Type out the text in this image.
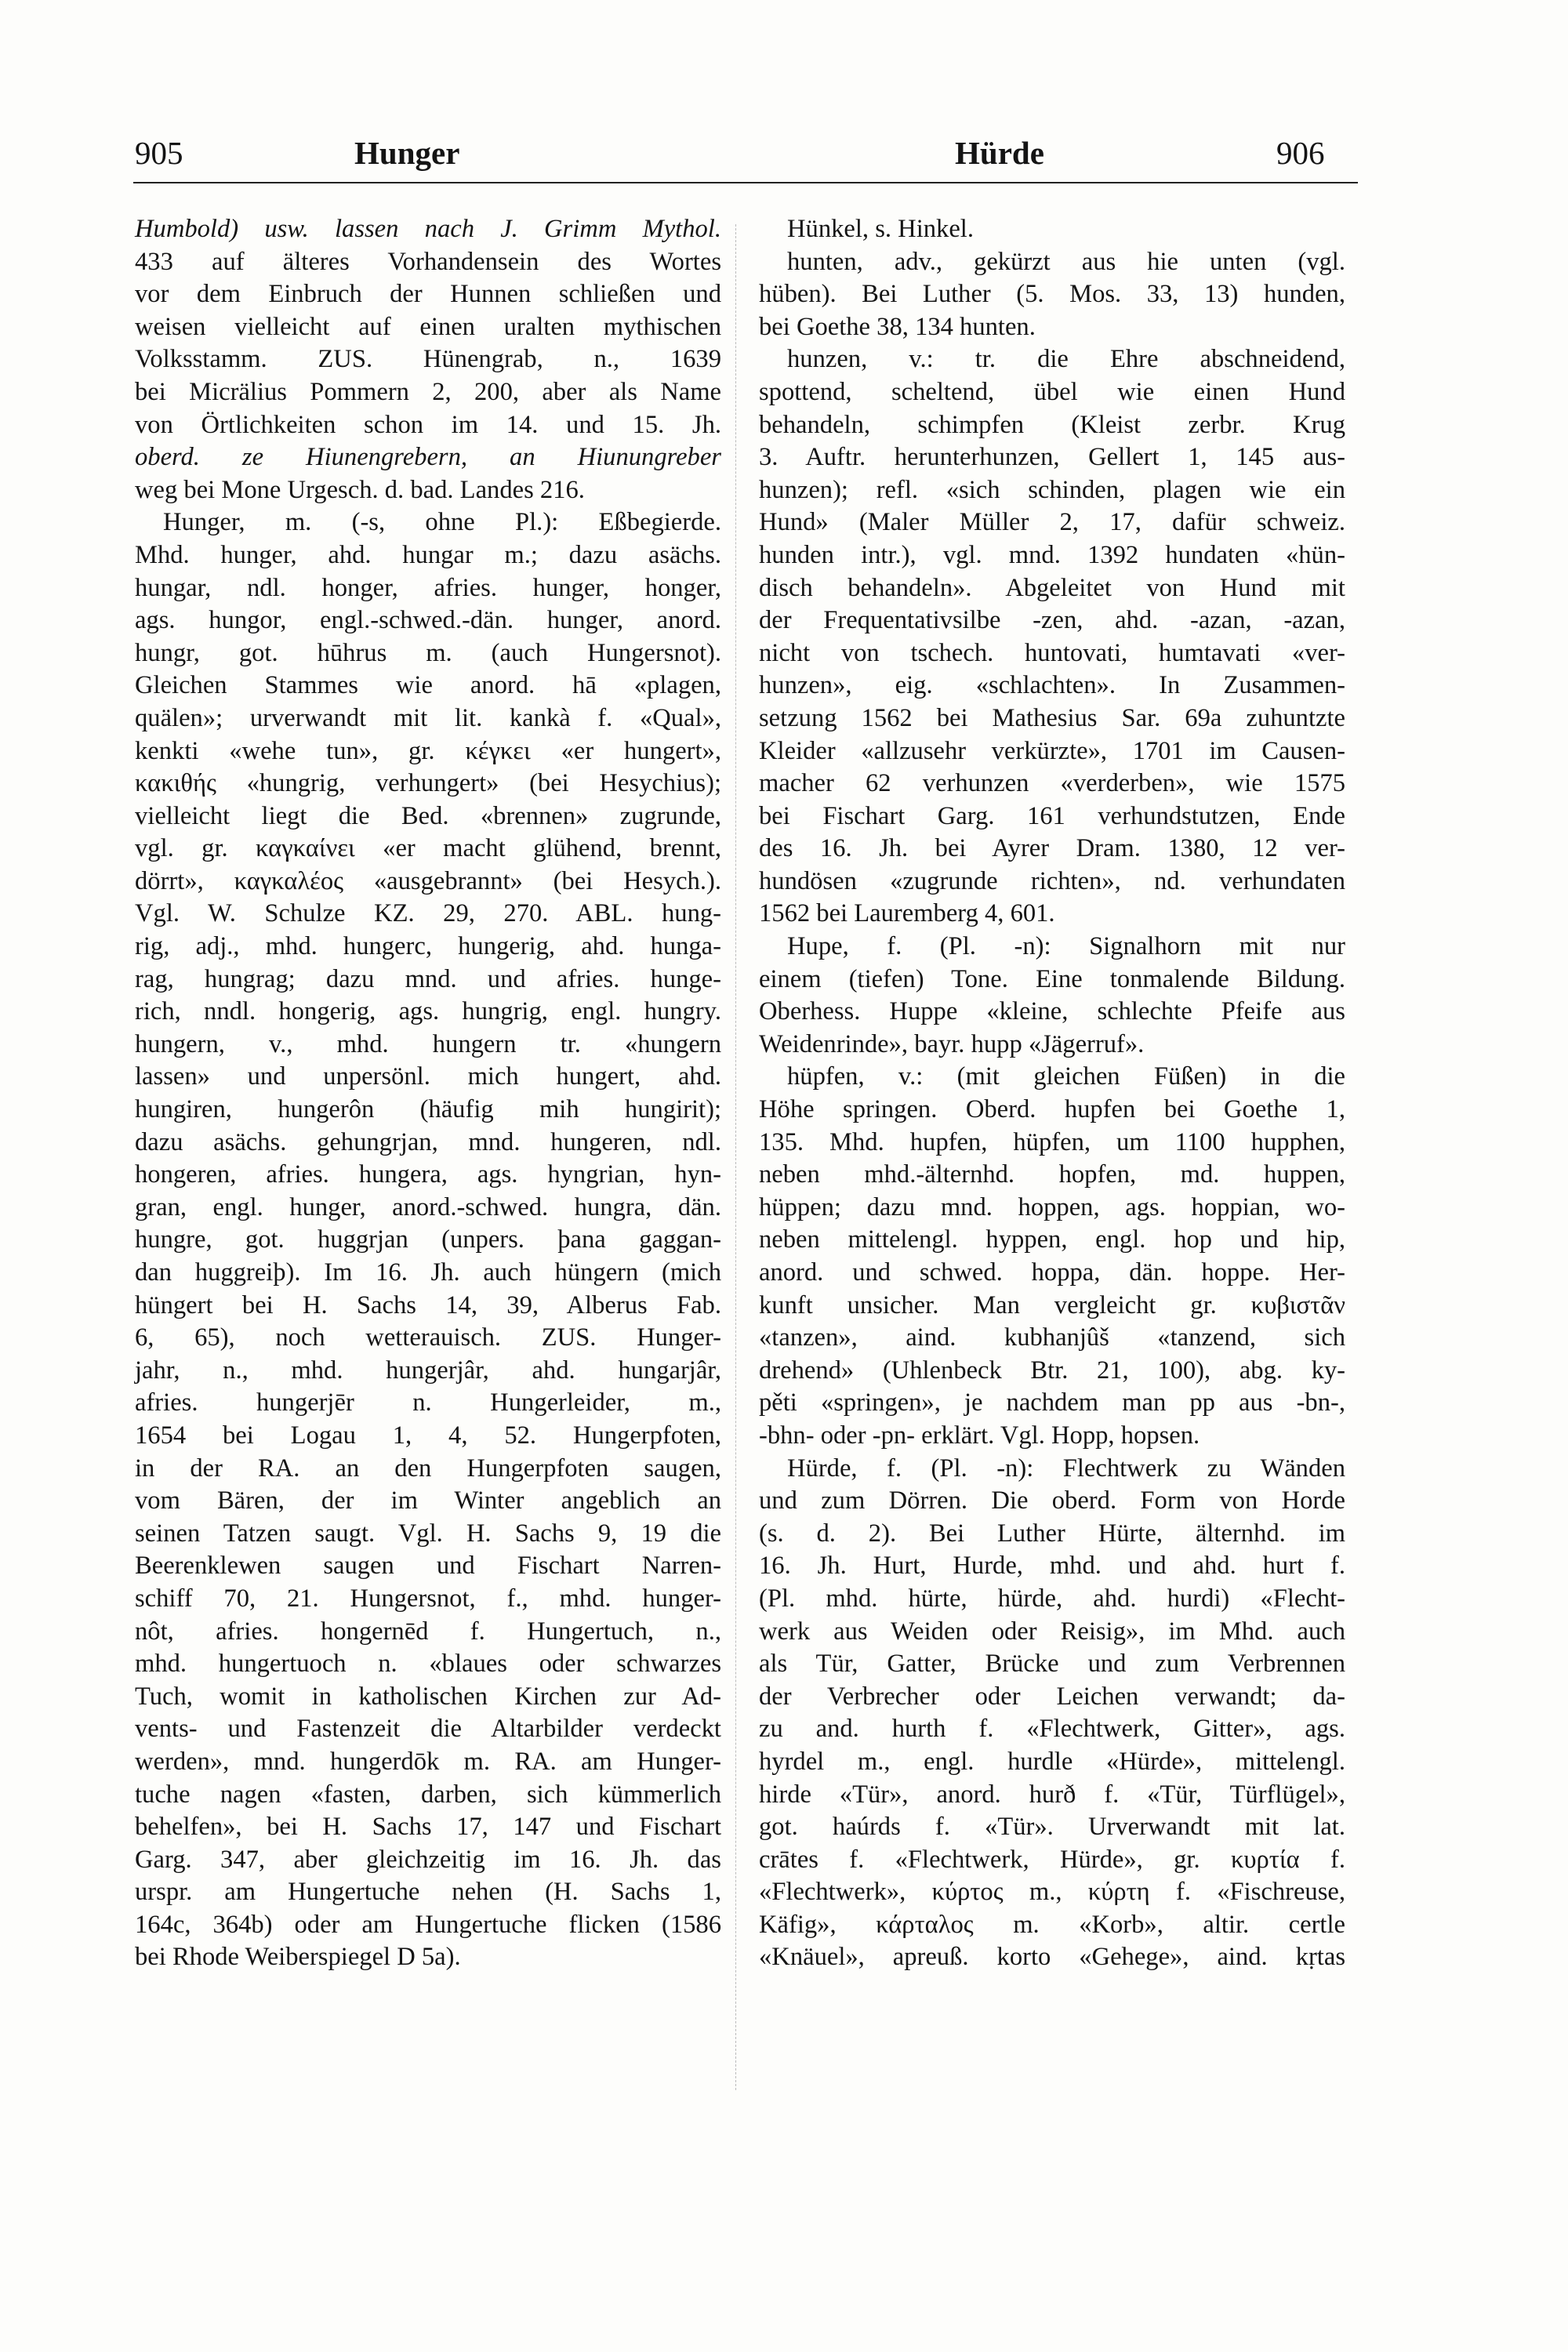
905	Hunger	Hürde	906
Humbold) usw. lassen nach J. Grimm Mythol.
433 auf älteres Vorhandensein des Wortes
vor dem Einbruch der Hunnen schließen und
weisen vielleicht auf einen uralten mythischen
Volksstamm. ZUS. Hünengrab, n., 1639
bei Micrälius Pommern 2, 200, aber als Name
von Örtlichkeiten schon im 14. und 15. Jh.
oberd. ze Hiunengrebern, an Hiunungreber
weg bei Mone Urgesch. d. bad. Landes 216.
Hunger, m. (-s, ohne Pl.): Eßbegierde.
Mhd. hunger, ahd. hungar m.; dazu asächs.
hungar, ndl. honger, afries. hunger, honger,
ags. hungor, engl.-schwed.-dän. hunger, anord.
hungr, got. hūhrus m. (auch Hungersnot).
Gleichen Stammes wie anord. hā «plagen,
quälen»; urverwandt mit lit. kankà f. «Qual»,
kenkti «wehe tun», gr. κέγκει «er hungert»,
κακιθής «hungrig, verhungert» (bei Hesychius);
vielleicht liegt die Bed. «brennen» zugrunde,
vgl. gr. καγκαίνει «er macht glühend, brennt,
dörrt», καγκαλέος «ausgebrannt» (bei Hesych.).
Vgl. W. Schulze KZ. 29, 270. ABL. hung-
rig, adj., mhd. hungerc, hungerig, ahd. hunga-
rag, hungrag; dazu mnd. und afries. hunge-
rich, nndl. hongerig, ags. hungrig, engl. hungry.
hungern, v., mhd. hungern tr. «hungern
lassen» und unpersönl. mich hungert, ahd.
hungiren, hungerôn (häufig mih hungirit);
dazu asächs. gehungrjan, mnd. hungeren, ndl.
hongeren, afries. hungera, ags. hyngrian, hyn-
gran, engl. hunger, anord.-schwed. hungra, dän.
hungre, got. huggrjan (unpers. þana gaggan-
dan huggreiþ). Im 16. Jh. auch hüngern (mich
hüngert bei H. Sachs 14, 39, Alberus Fab.
6, 65), noch wetterauisch. ZUS. Hunger-
jahr, n., mhd. hungerjâr, ahd. hungarjâr,
afries. hungerjēr n. Hungerleider, m.,
1654 bei Logau 1, 4, 52. Hungerpfoten,
in der RA. an den Hungerpfoten saugen,
vom Bären, der im Winter angeblich an
seinen Tatzen saugt. Vgl. H. Sachs 9, 19 die
Beerenklewen saugen und Fischart Narren-
schiff 70, 21. Hungersnot, f., mhd. hunger-
nôt, afries. hongernēd f. Hungertuch, n.,
mhd. hungertuoch n. «blaues oder schwarzes
Tuch, womit in katholischen Kirchen zur Ad-
vents- und Fastenzeit die Altarbilder verdeckt
werden», mnd. hungerdōk m. RA. am Hunger-
tuche nagen «fasten, darben, sich kümmerlich
behelfen», bei H. Sachs 17, 147 und Fischart
Garg. 347, aber gleichzeitig im 16. Jh. das
urspr. am Hungertuche nehen (H. Sachs 1,
164c, 364b) oder am Hungertuche flicken (1586
bei Rhode Weiberspiegel D 5a).
Hünkel, s. Hinkel.
hunten, adv., gekürzt aus hie unten (vgl.
hüben). Bei Luther (5. Mos. 33, 13) hunden,
bei Goethe 38, 134 hunten.
hunzen, v.: tr. die Ehre abschneidend,
spottend, scheltend, übel wie einen Hund
behandeln, schimpfen (Kleist zerbr. Krug
3. Auftr. herunterhunzen, Gellert 1, 145 aus-
hunzen); refl. «sich schinden, plagen wie ein
Hund» (Maler Müller 2, 17, dafür schweiz.
hunden intr.), vgl. mnd. 1392 hundaten «hün-
disch behandeln». Abgeleitet von Hund mit
der Frequentativsilbe -zen, ahd. -azan, -azan,
nicht von tschech. huntovati, humtavati «ver-
hunzen», eig. «schlachten». In Zusammen-
setzung 1562 bei Mathesius Sar. 69a zuhuntzte
Kleider «allzusehr verkürzte», 1701 im Causen-
macher 62 verhunzen «verderben», wie 1575
bei Fischart Garg. 161 verhundstutzen, Ende
des 16. Jh. bei Ayrer Dram. 1380, 12 ver-
hundösen «zugrunde richten», nd. verhundaten
1562 bei Lauremberg 4, 601.
Hupe, f. (Pl. -n): Signalhorn mit nur
einem (tiefen) Tone. Eine tonmalende Bildung.
Oberhess. Huppe «kleine, schlechte Pfeife aus
Weidenrinde», bayr. hupp «Jägerruf».
hüpfen, v.: (mit gleichen Füßen) in die
Höhe springen. Oberd. hupfen bei Goethe 1,
135. Mhd. hupfen, hüpfen, um 1100 hupphen,
neben mhd.-älternhd. hopfen, md. huppen,
hüppen; dazu mnd. hoppen, ags. hoppian, wo-
neben mittelengl. hyppen, engl. hop und hip,
anord. und schwed. hoppa, dän. hoppe. Her-
kunft unsicher. Man vergleicht gr. κυβιστᾶν
«tanzen», aind. kubhanjûš «tanzend, sich
drehend» (Uhlenbeck Btr. 21, 100), abg. ky-
pěti «springen», je nachdem man pp aus -bn-,
-bhn- oder -pn- erklärt. Vgl. Hopp, hopsen.
Hürde, f. (Pl. -n): Flechtwerk zu Wänden
und zum Dörren. Die oberd. Form von Horde
(s. d. 2). Bei Luther Hürte, älternhd. im
16. Jh. Hurt, Hurde, mhd. und ahd. hurt f.
(Pl. mhd. hürte, hürde, ahd. hurdi) «Flecht-
werk aus Weiden oder Reisig», im Mhd. auch
als Tür, Gatter, Brücke und zum Verbrennen
der Verbrecher oder Leichen verwandt; da-
zu and. hurth f. «Flechtwerk, Gitter», ags.
hyrdel m., engl. hurdle «Hürde», mittelengl.
hirde «Tür», anord. hurð f. «Tür, Türflügel»,
got. haúrds f. «Tür». Urverwandt mit lat.
crātes f. «Flechtwerk, Hürde», gr. κυρτία f.
«Flechtwerk», κύρτος m., κύρτη f. «Fischreuse,
Käfig», κάρταλος m. «Korb», altir. certle
«Knäuel», apreuß. korto «Gehege», aind. kṛtas
